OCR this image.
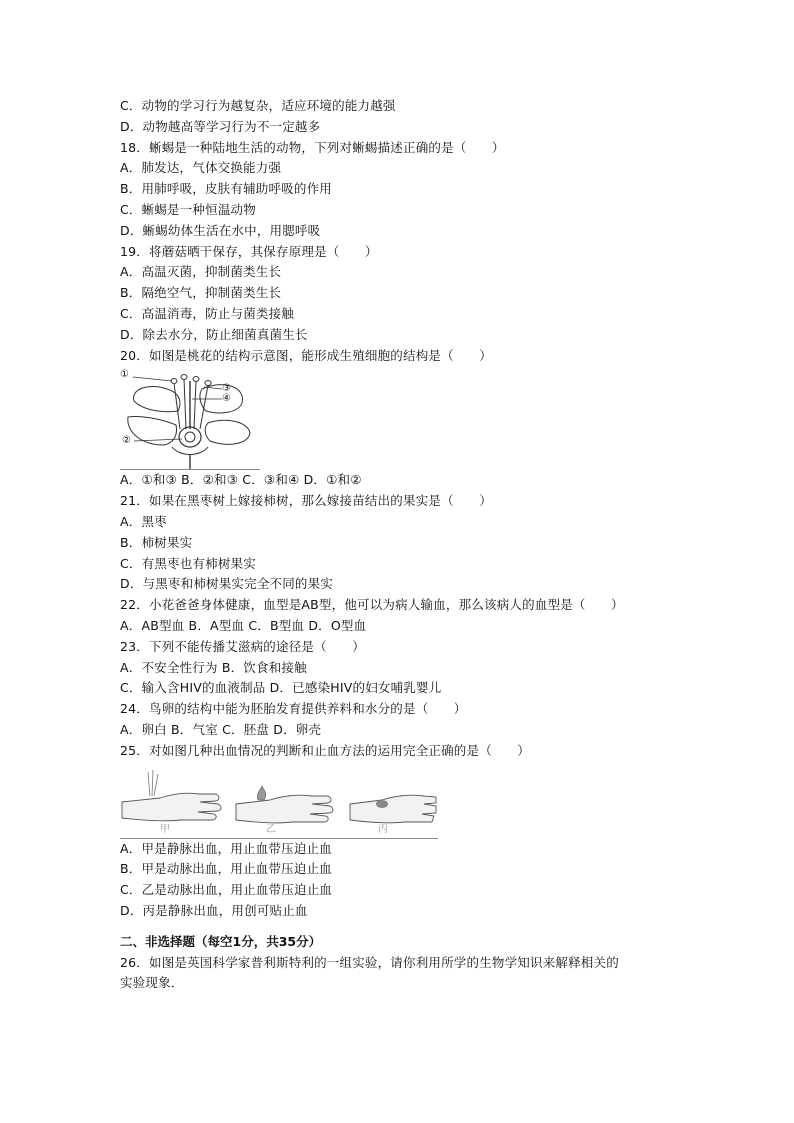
C．动物的学习行为越复杂，适应环境的能力越强
D．动物越高等学习行为不一定越多
18．蜥蜴是一种陆地生活的动物，下列对蜥蜴描述正确的是（　　）
A．肺发达，气体交换能力强
B．用肺呼吸，皮肤有辅助呼吸的作用
C．蜥蜴是一种恒温动物
D．蜥蜴幼体生活在水中，用腮呼吸
19．将蘑菇晒干保存，其保存原理是（　　）
A．高温灭菌，抑制菌类生长
B．隔绝空气，抑制菌类生长
C．高温消毒，防止与菌类接触
D．除去水分，防止细菌真菌生长
20．如图是桃花的结构示意图，能形成生殖细胞的结构是（　　）
①
③
④
②
A．①和③ B．②和③ C．③和④ D．①和②
21．如果在黑枣树上嫁接柿树，那么嫁接苗结出的果实是（　　）
A．黑枣
B．柿树果实
C．有黑枣也有柿树果实
D．与黑枣和柿树果实完全不同的果实
22．小花爸爸身体健康，血型是AB型，他可以为病人输血，那么该病人的血型是（　　）
A．AB型血 B．A型血 C．B型血 D．O型血
23．下列不能传播艾滋病的途径是（　　）
A．不安全性行为 B．饮食和接触
C．输入含HIV的血液制品 D．已感染HIV的妇女哺乳婴儿
24．鸟卵的结构中能为胚胎发育提供养料和水分的是（　　）
A．卵白 B．气室 C．胚盘 D．卵壳
25．对如图几种出血情况的判断和止血方法的运用完全正确的是（　　）
甲	乙	丙
A．甲是静脉出血，用止血带压迫止血
B．甲是动脉出血，用止血带压迫止血
C．乙是动脉出血，用止血带压迫止血
D．丙是静脉出血，用创可贴止血
二、非选择题（每空1分，共35分）
26．如图是英国科学家普利斯特利的一组实验，请你利用所学的生物学知识来解释相关的
实验现象．
